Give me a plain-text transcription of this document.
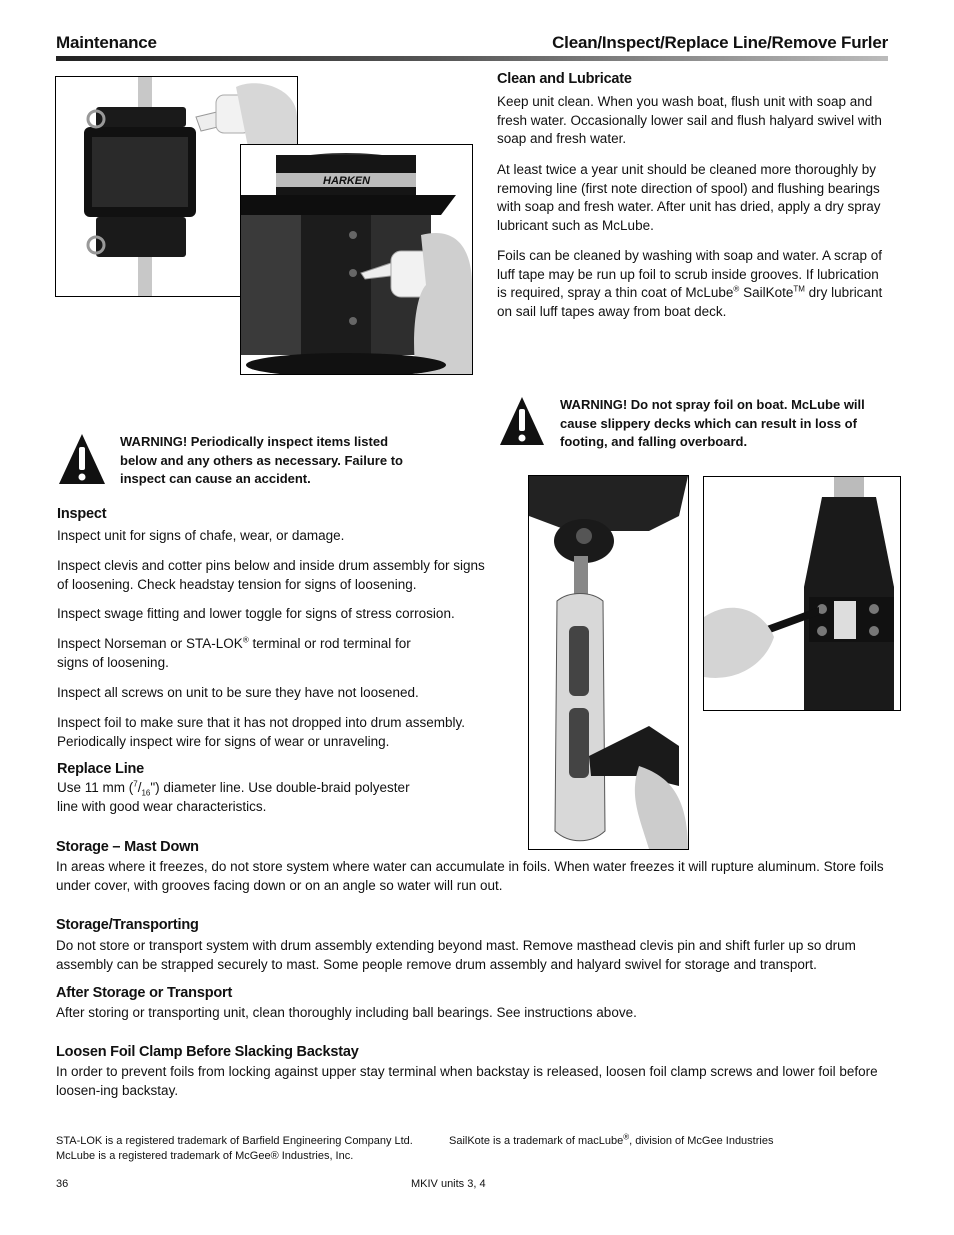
Maintenance	Clean/Inspect/Replace Line/Remove Furler
HARKEN
Clean and Lubricate
Keep unit clean. When you wash boat, flush unit with soap and fresh water. Occasionally lower sail and flush halyard swivel with soap and fresh water.
At least twice a year unit should be cleaned more thoroughly by removing line (first note direction of spool) and flushing bearings with soap and fresh water. After unit has dried, apply a dry spray lubricant such as McLube.
Foils can be cleaned by washing with soap and water. A scrap of luff tape may be run up foil to scrub inside grooves. If lubrication is required, spray a thin coat of McLube® SailKote™ dry lubricant on sail luff tapes away from boat deck.
WARNING! Do not spray foil on boat. McLube will cause slippery decks which can result in loss of footing, and falling overboard.
WARNING! Periodically inspect items listed below and any others as necessary. Failure to inspect can cause an accident.
Inspect
Inspect unit for signs of chafe, wear, or damage.
Inspect clevis and cotter pins below and inside drum assembly for signs of loosening. Check headstay tension for signs of loosening.
Inspect swage fitting and lower toggle for signs of stress corrosion.
Inspect Norseman or STA-LOK® terminal or rod terminal for signs of loosening.
Inspect all screws on unit to be sure they have not loosened.
Inspect foil to make sure that it has not dropped into drum assembly. Periodically inspect wire for signs of wear or unraveling.
Replace Line
Use 11 mm $(^7/_{16}")$ diameter line. Use double-braid polyester line with good wear characteristics.
Storage – Mast Down
In areas where it freezes, do not store system where water can accumulate in foils. When water freezes it will rupture aluminum. Store foils under cover, with grooves facing down or on an angle so water will run out.
Storage/Transporting
Do not store or transport system with drum assembly extending beyond mast. Remove masthead clevis pin and shift furler up so drum assembly can be strapped securely to mast. Some people remove drum assembly and halyard swivel for storage and transport.
After Storage or Transport
After storing or transporting unit, clean thoroughly including ball bearings. See instructions above.
Loosen Foil Clamp Before Slacking Backstay
In order to prevent foils from locking against upper stay terminal when backstay is released, loosen foil clamp screws and lower foil before loosen-ing backstay.
STA-LOK is a registered trademark of Barfield Engineering Company Ltd.
McLube is a registered trademark of McGee® Industries, Inc.
SailKote is a trademark of macLube®, division of McGee Industries
36	MKIV units 3, 4
